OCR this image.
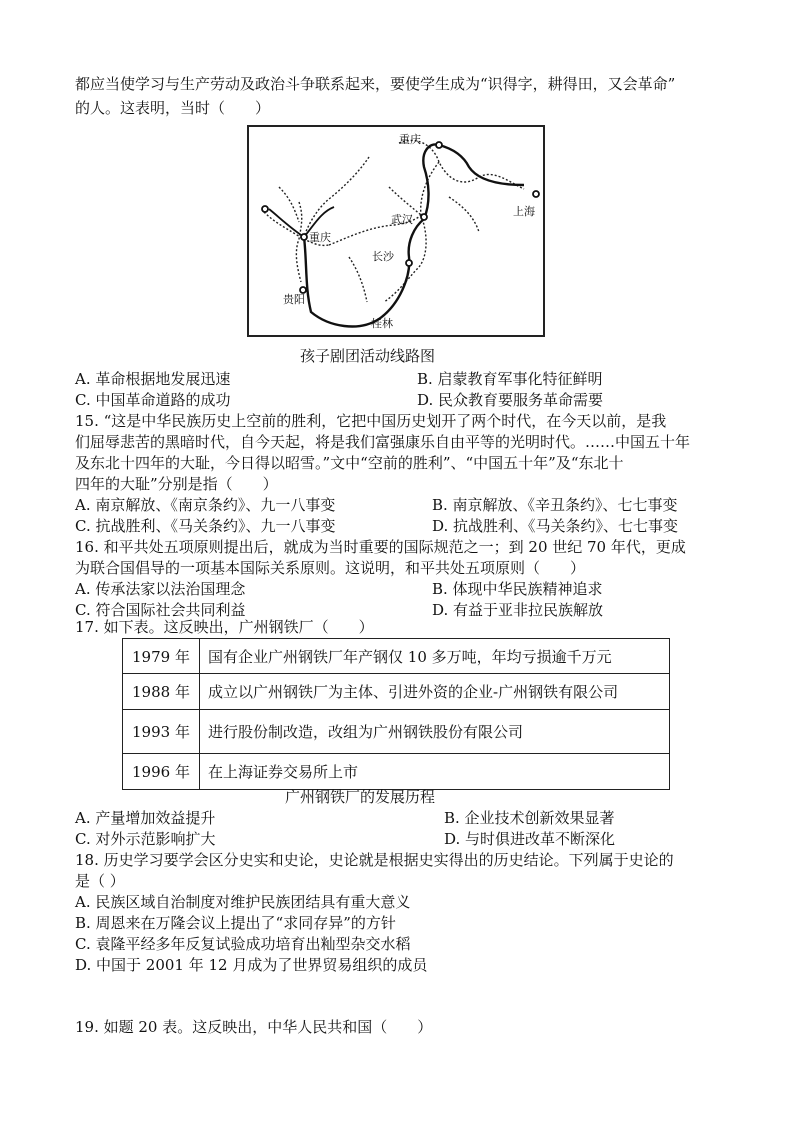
都应当使学习与生产劳动及政治斗争联系起来，要使学生成为“识得字，耕得田，又会革命”
的人。这表明，当时（　　）
重庆
上海
武汉
重庆
长沙
贵阳
桂林
孩子剧团活动线路图
A. 革命根据地发展迅速	B. 启蒙教育军事化特征鲜明
C. 中国革命道路的成功	D. 民众教育要服务革命需要
15. “这是中华民族历史上空前的胜利，它把中国历史划开了两个时代，在今天以前，是我
们屈辱悲苦的黑暗时代，自今天起，将是我们富强康乐自由平等的光明时代。……中国五十年
及东北十四年的大耻，今日得以昭雪。”文中“空前的胜利”、“中国五十年”及“东北十
四年的大耻”分别是指（　　）
A. 南京解放、《南京条约》、九一八事变	B. 南京解放、《辛丑条约》、七七事变
C. 抗战胜利、《马关条约》、九一八事变	D. 抗战胜利、《马关条约》、七七事变
16. 和平共处五项原则提出后，就成为当时重要的国际规范之一；到 20 世纪 70 年代，更成
为联合国倡导的一项基本国际关系原则。这说明，和平共处五项原则（　　）
A. 传承法家以法治国理念	B. 体现中华民族精神追求
C. 符合国际社会共同利益	D. 有益于亚非拉民族解放
17. 如下表。这反映出，广州钢铁厂（　　）
1979 年	国有企业广州钢铁厂年产钢仅 10 多万吨，年均亏损逾千万元
1988 年	成立以广州钢铁厂为主体、引进外资的企业-广州钢铁有限公司
1993 年	进行股份制改造，改组为广州钢铁股份有限公司
1996 年	在上海证券交易所上市
广州钢铁厂的发展历程
A. 产量增加效益提升	B. 企业技术创新效果显著
C. 对外示范影响扩大	D. 与时俱进改革不断深化
18. 历史学习要学会区分史实和史论，史论就是根据史实得出的历史结论。下列属于史论的
是（ ）
A. 民族区域自治制度对维护民族团结具有重大意义
B. 周恩来在万隆会议上提出了“求同存异”的方针
C. 袁隆平经多年反复试验成功培育出籼型杂交水稻
D. 中国于 2001 年 12 月成为了世界贸易组织的成员
19. 如题 20 表。这反映出，中华人民共和国（　　）
